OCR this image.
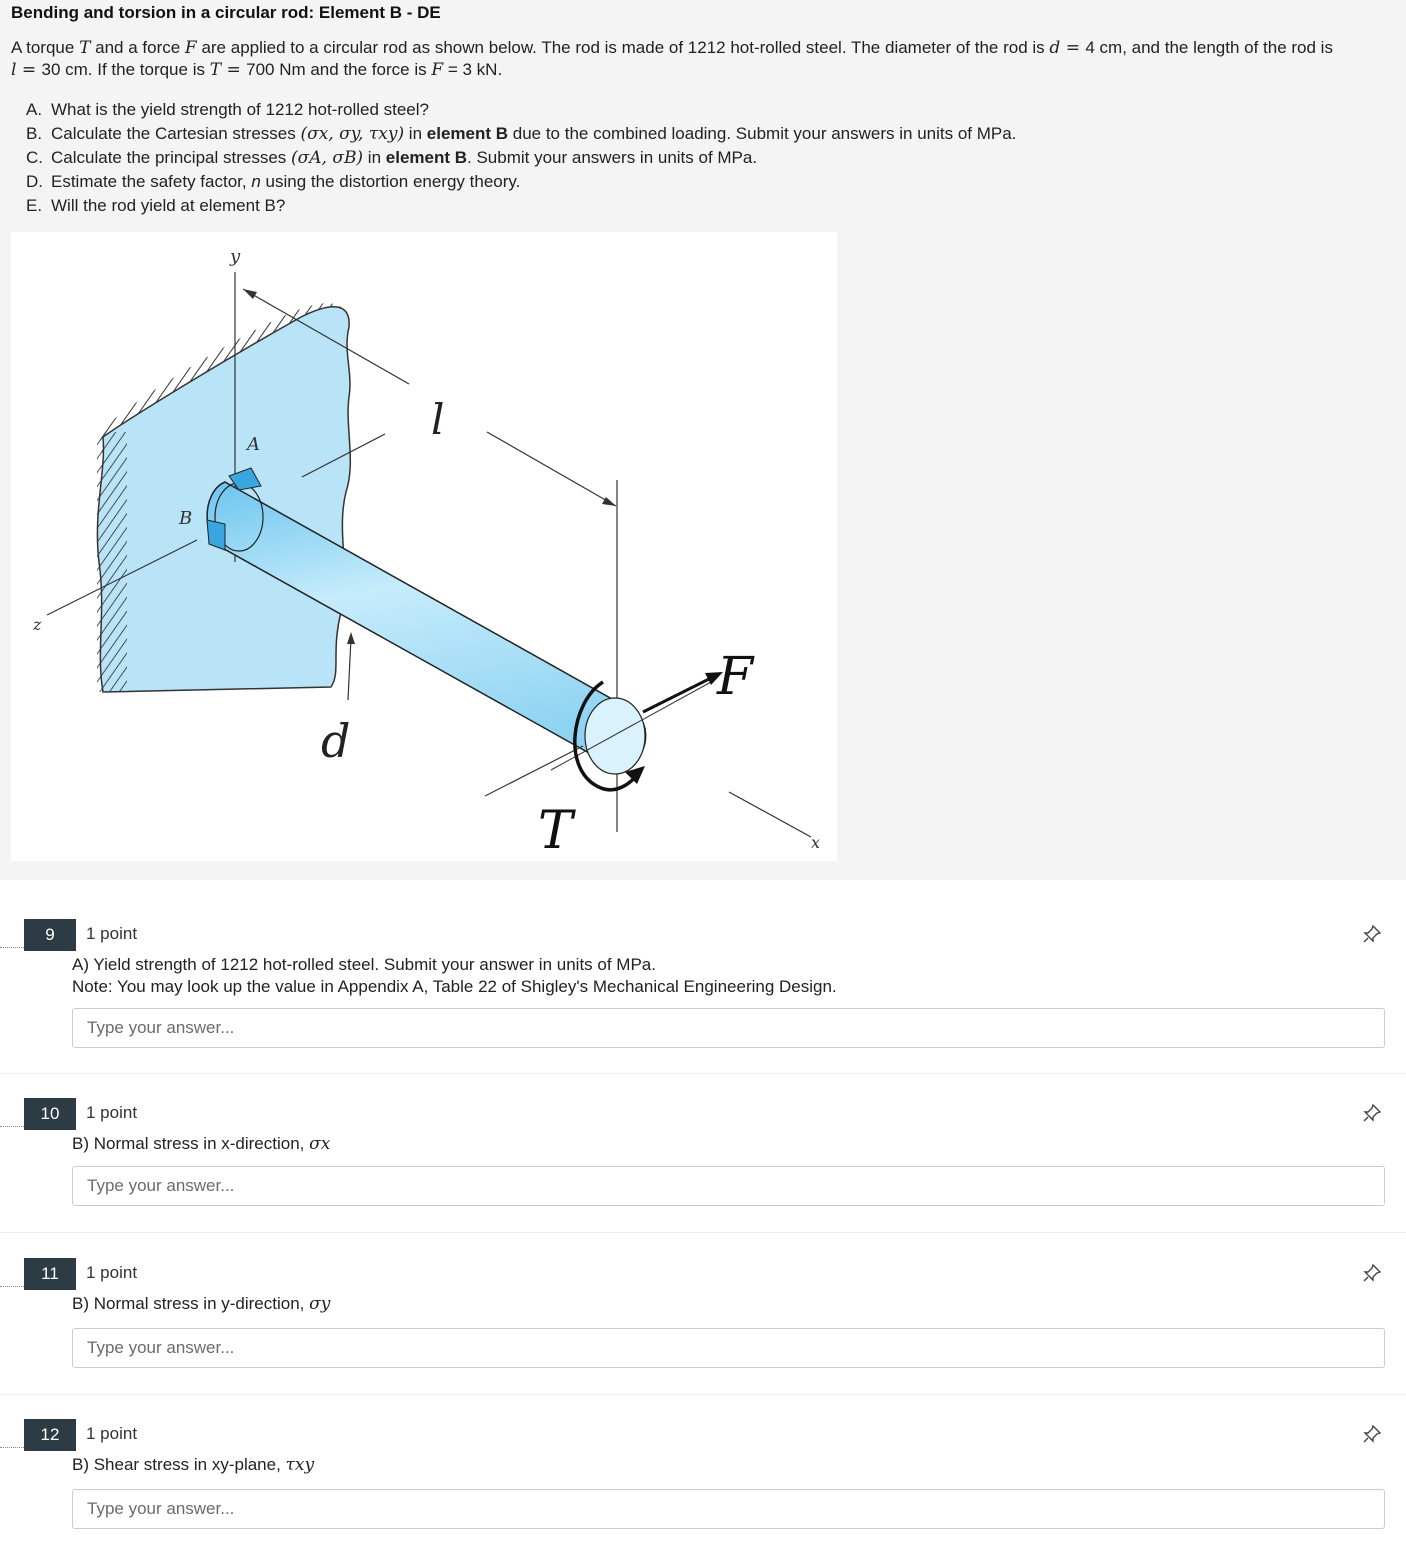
Bending and torsion in a circular rod: Element B - DE
A torque T and a force F are applied to a circular rod as shown below. The rod is made of 1212 hot-rolled steel. The diameter of the rod is d = 4 cm, and the length of the rod is
l = 30 cm. If the torque is T = 700 Nm and the force is F = 3 kN.
A. What is the yield strength of 1212 hot-rolled steel?
B. Calculate the Cartesian stresses (σx, σy, τxy) in element B due to the combined loading. Submit your answers in units of MPa.
C. Calculate the principal stresses (σA, σB) in element B. Submit your answers in units of MPa.
D. Estimate the safety factor, n using the distortion energy theory.
E. Will the rod yield at element B?
y
z
x
A
B
l
d
F
T
9	1 point
A) Yield strength of 1212 hot-rolled steel. Submit your answer in units of MPa.
Note: You may look up the value in Appendix A, Table 22 of Shigley's Mechanical Engineering Design.
Type your answer...
10	1 point
B) Normal stress in x-direction, σx
Type your answer...
11	1 point
B) Normal stress in y-direction, σy
Type your answer...
12	1 point
B) Shear stress in xy-plane, τxy
Type your answer...
